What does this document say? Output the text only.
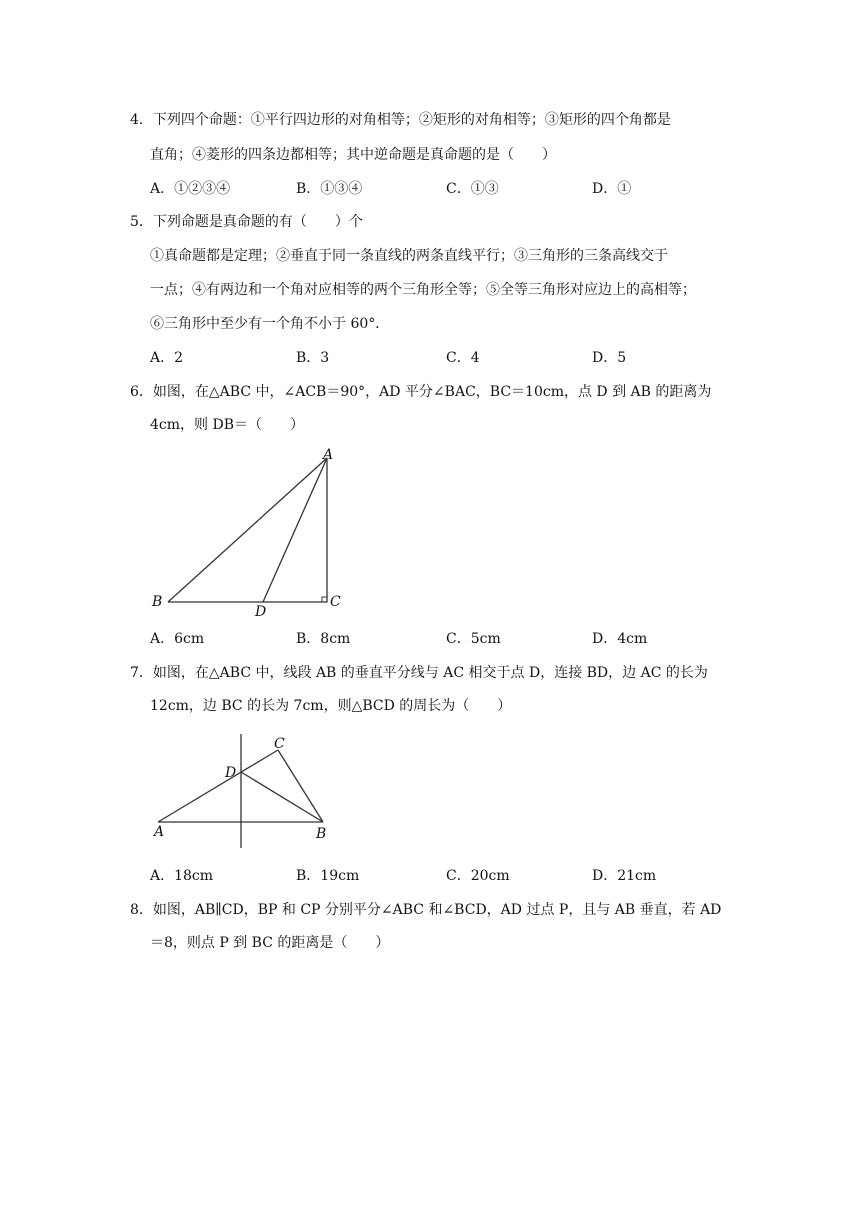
4．下列四个命题：①平行四边形的对角相等；②矩形的对角相等；③矩形的四个角都是
直角；④菱形的四条边都相等；其中逆命题是真命题的是（　　）
A．①②③④	B．①③④	C．①③	D．①
5．下列命题是真命题的有（　　）个
①真命题都是定理；②垂直于同一条直线的两条直线平行；③三角形的三条高线交于
一点；④有两边和一个角对应相等的两个三角形全等；⑤全等三角形对应边上的高相等；
⑥三角形中至少有一个角不小于 60°．
A．2	B．3	C．4	D．5
6．如图，在△ABC 中，∠ACB＝90°，AD 平分∠BAC，BC＝10cm，点 D 到 AB 的距离为
4cm，则 DB＝（　　）
A
B	C
D
A．6cm	B．8cm	C．5cm	D．4cm
7．如图，在△ABC 中，线段 AB 的垂直平分线与 AC 相交于点 D，连接 BD，边 AC 的长为
12cm，边 BC 的长为 7cm，则△BCD 的周长为（　　）
A	B
C
D
A．18cm	B．19cm	C．20cm	D．21cm
8．如图，AB∥CD，BP 和 CP 分别平分∠ABC 和∠BCD，AD 过点 P，且与 AB 垂直，若 AD
＝8，则点 P 到 BC 的距离是（　　）
